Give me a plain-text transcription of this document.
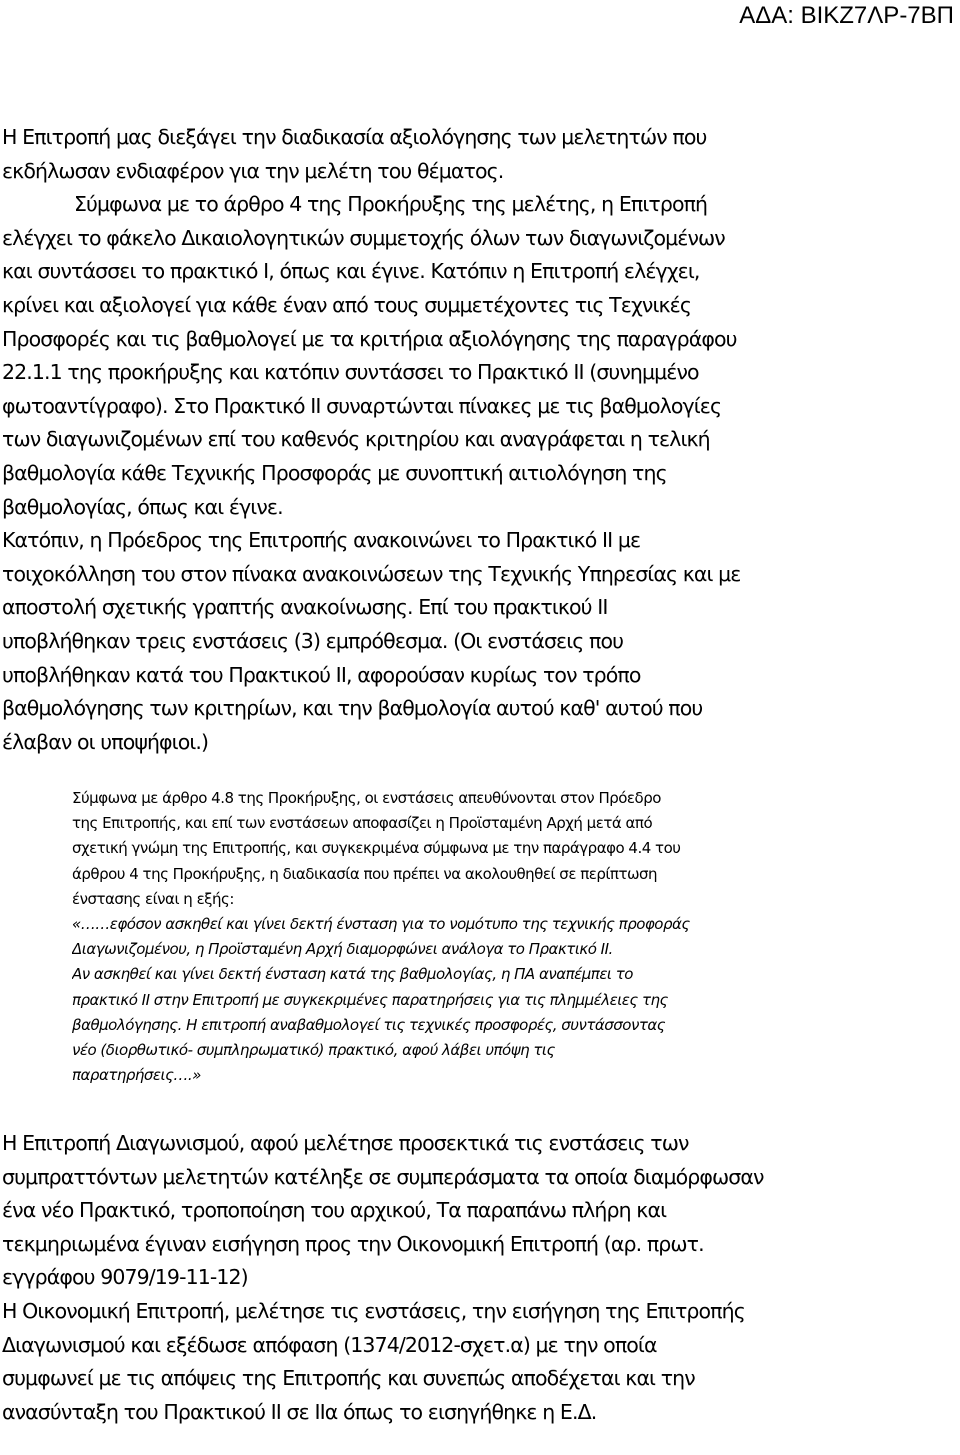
ΑΔΑ: ΒΙΚΖ7ΛΡ-7ΒΠ
Η Επιτροπή μας διεξάγει την διαδικασία αξιολόγησης των μελετητών που
εκδήλωσαν ενδιαφέρον για την μελέτη του θέματος.
Σύμφωνα με το άρθρο 4 της Προκήρυξης της μελέτης, η Επιτροπή
ελέγχει το φάκελο Δικαιολογητικών συμμετοχής όλων των διαγωνιζομένων
και συντάσσει το πρακτικό Ι, όπως και έγινε. Κατόπιν η Επιτροπή ελέγχει,
κρίνει και αξιολογεί για κάθε έναν από τους συμμετέχοντες τις Τεχνικές
Προσφορές και τις βαθμολογεί με τα κριτήρια αξιολόγησης της παραγράφου
22.1.1 της προκήρυξης και κατόπιν συντάσσει το Πρακτικό ΙΙ (συνημμένο
φωτοαντίγραφο). Στο Πρακτικό ΙΙ συναρτώνται πίνακες με τις βαθμολογίες
των διαγωνιζομένων επί του καθενός κριτηρίου και αναγράφεται η τελική
βαθμολογία κάθε Τεχνικής Προσφοράς με συνοπτική αιτιολόγηση της
βαθμολογίας, όπως και έγινε.
Κατόπιν, η Πρόεδρος της Επιτροπής ανακοινώνει το Πρακτικό ΙΙ με
τοιχοκόλληση του στον πίνακα ανακοινώσεων της Τεχνικής Υπηρεσίας και με
αποστολή σχετικής γραπτής ανακοίνωσης. Επί του πρακτικού ΙΙ
υποβλήθηκαν τρεις ενστάσεις (3) εμπρόθεσμα. (Οι ενστάσεις που
υποβλήθηκαν κατά του Πρακτικού ΙΙ, αφορούσαν κυρίως τον τρόπο
βαθμολόγησης των κριτηρίων, και την βαθμολογία αυτού καθ' αυτού που
έλαβαν οι υποψήφιοι.)
Σύμφωνα με άρθρο 4.8 της Προκήρυξης, οι ενστάσεις απευθύνονται στον Πρόεδρο
της Επιτροπής, και επί των ενστάσεων αποφασίζει η Προϊσταμένη Αρχή μετά από
σχετική γνώμη της Επιτροπής, και συγκεκριμένα σύμφωνα με την παράγραφο 4.4 του
άρθρου 4 της Προκήρυξης, η διαδικασία που πρέπει να ακολουθηθεί σε περίπτωση
ένστασης είναι η εξής:
«……εφόσον ασκηθεί και γίνει δεκτή ένσταση για το νομότυπο της τεχνικής προφοράς
Διαγωνιζομένου, η Προϊσταμένη Αρχή διαμορφώνει ανάλογα το Πρακτικό ΙΙ.
Αν ασκηθεί και γίνει δεκτή ένσταση κατά της βαθμολογίας, η ΠΑ αναπέμπει το
πρακτικό ΙΙ στην Επιτροπή με συγκεκριμένες παρατηρήσεις για τις πλημμέλειες της
βαθμολόγησης. Η επιτροπή αναβαθμολογεί τις τεχνικές προσφορές, συντάσσοντας
νέο (διορθωτικό- συμπληρωματικό) πρακτικό, αφού λάβει υπόψη τις
παρατηρήσεις….»
Η Επιτροπή Διαγωνισμού, αφού μελέτησε προσεκτικά τις ενστάσεις των
συμπραττόντων μελετητών κατέληξε σε συμπεράσματα τα οποία διαμόρφωσαν
ένα νέο Πρακτικό, τροποποίηση του αρχικού, Τα παραπάνω πλήρη και
τεκμηριωμένα έγιναν εισήγηση προς την Οικονομική Επιτροπή (αρ. πρωτ.
εγγράφου 9079/19-11-12)
Η Οικονομική Επιτροπή, μελέτησε τις ενστάσεις, την εισήγηση της Επιτροπής
Διαγωνισμού και εξέδωσε απόφαση (1374/2012-σχετ.α) με την οποία
συμφωνεί με τις απόψεις της Επιτροπής και συνεπώς αποδέχεται και την
ανασύνταξη του Πρακτικού ΙΙ σε ΙΙα όπως το εισηγήθηκε η Ε.Δ.
